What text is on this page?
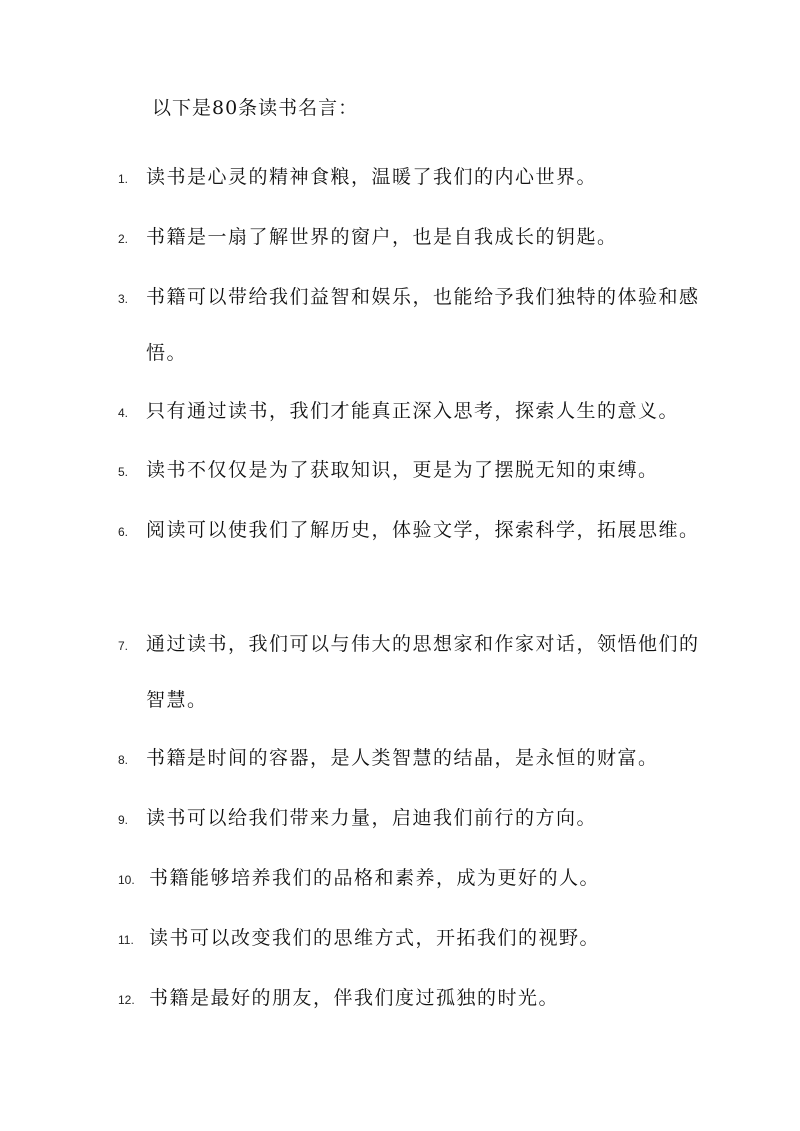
以下是80条读书名言：
1. 读书是心灵的精神食粮，温暖了我们的内心世界。
2. 书籍是一扇了解世界的窗户，也是自我成长的钥匙。
3. 书籍可以带给我们益智和娱乐，也能给予我们独特的体验和感悟。
4. 只有通过读书，我们才能真正深入思考，探索人生的意义。
5. 读书不仅仅是为了获取知识，更是为了摆脱无知的束缚。
6. 阅读可以使我们了解历史，体验文学，探索科学，拓展思维。
7. 通过读书，我们可以与伟大的思想家和作家对话，领悟他们的智慧。
8. 书籍是时间的容器，是人类智慧的结晶，是永恒的财富。
9. 读书可以给我们带来力量，启迪我们前行的方向。
10. 书籍能够培养我们的品格和素养，成为更好的人。
11. 读书可以改变我们的思维方式，开拓我们的视野。
12. 书籍是最好的朋友，伴我们度过孤独的时光。
